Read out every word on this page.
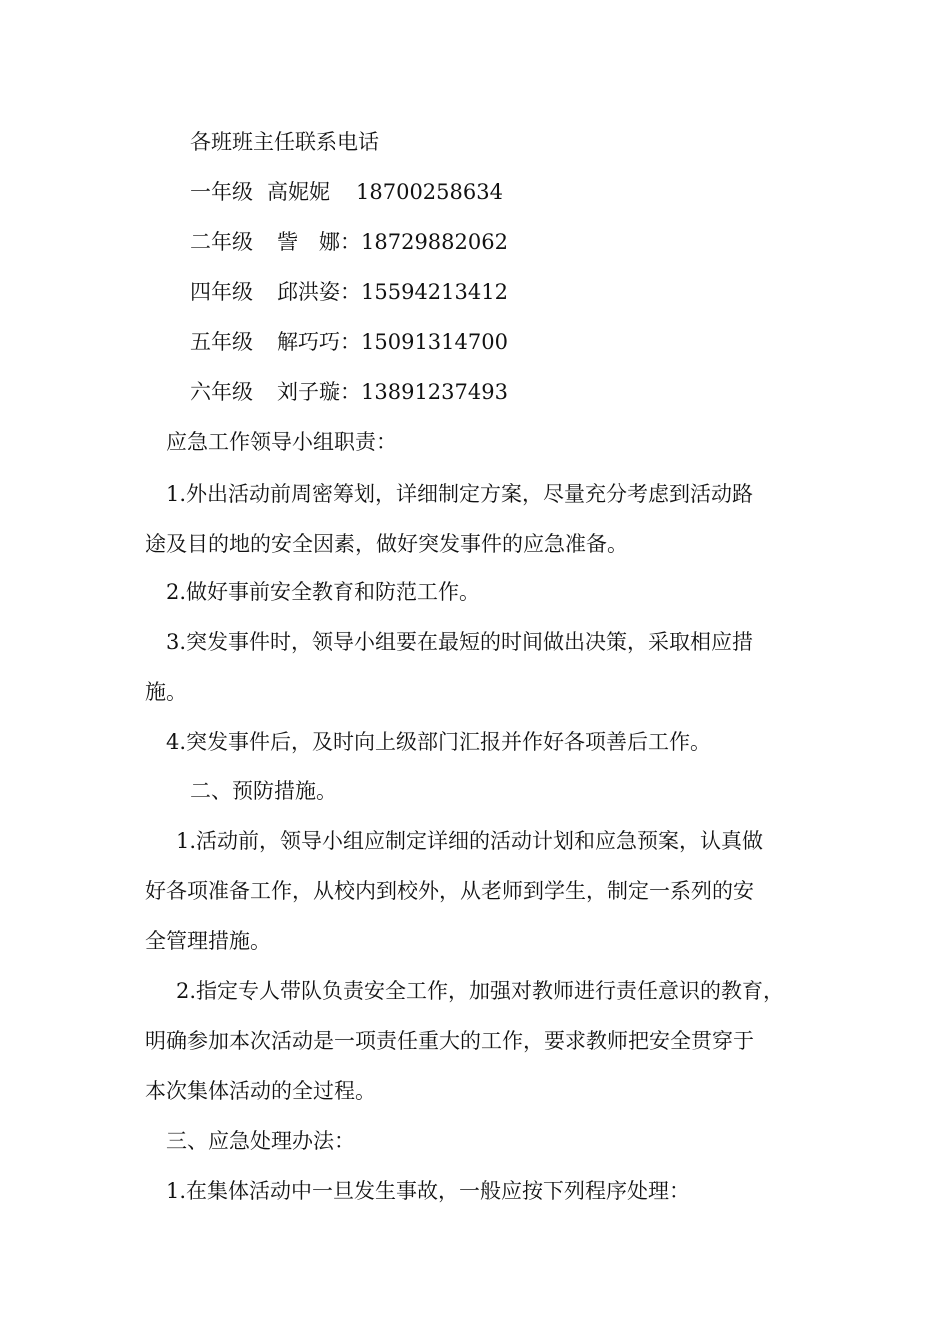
各班班主任联系电话
一年级 高妮妮 18700258634
二年级 訾　娜：18729882062
四年级 邱洪姿：15594213412
五年级 解巧巧：15091314700
六年级 刘子璇：13891237493
应急工作领导小组职责：
1.外出活动前周密筹划，详细制定方案，尽量充分考虑到活动路
途及目的地的安全因素，做好突发事件的应急准备。
2.做好事前安全教育和防范工作。
3.突发事件时，领导小组要在最短的时间做出决策，采取相应措
施。
4.突发事件后，及时向上级部门汇报并作好各项善后工作。
二、预防措施。
1.活动前，领导小组应制定详细的活动计划和应急预案，认真做
好各项准备工作，从校内到校外，从老师到学生，制定一系列的安
全管理措施。
2.指定专人带队负责安全工作，加强对教师进行责任意识的教育，
明确参加本次活动是一项责任重大的工作，要求教师把安全贯穿于
本次集体活动的全过程。
三、应急处理办法：
1.在集体活动中一旦发生事故，一般应按下列程序处理：
